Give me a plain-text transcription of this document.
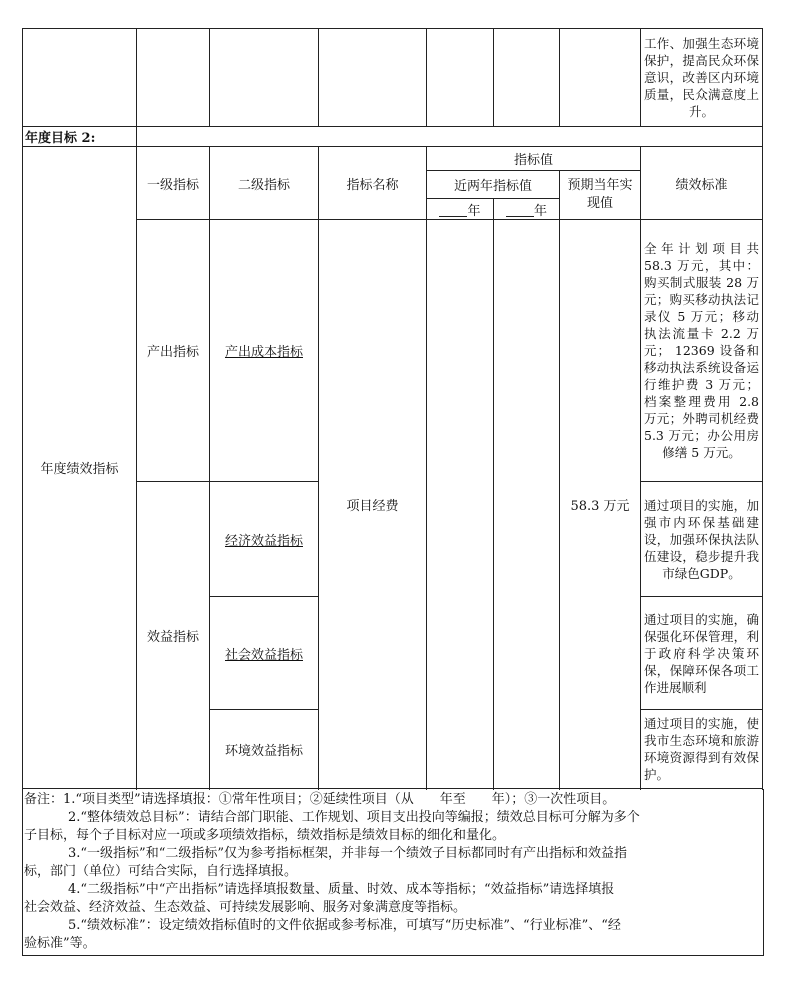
							工作、加强生态环境保护，提高民众环保意识，改善区内环境质量，民众满意度上升。
年度目标 2:							
年度绩效指标	一级指标	二级指标	指标名称	指标值			绩效标准
				近两年指标值		预期当年实现值	
				年	年		
	产出指标	产出成本指标	项目经费			58.3 万元	全年计划项目共58.3 万元，其中：购买制式服装 28 万元；购买移动执法记录仪 5 万元；移动执法流量卡 2.2 万元； 12369 设备和移动执法系统设备运行维护费 3 万元；档案整理费用 2.8 万元；外聘司机经费 5.3 万元；办公用房修缮 5 万元。

	效益指标	经济效益指标					通过项目的实施，加强市内环保基础建设，加强环保执法队伍建设，稳步提升我市绿色GDP。

		社会效益指标					通过项目的实施，确保强化环保管理，利于政府科学决策环保，保障环保各项工作进展顺利

		环境效益指标					通过项目的实施，使我市生态环境和旅游环境资源得到有效保护。

备注：1.“项目类型”请选择填报：①常年性项目；②延续性项目（从　　年至　　年）；③一次性项目。

2.“整体绩效总目标”：请结合部门职能、工作规划、项目支出投向等编报；绩效总目标可分解为多个

子目标，每个子目标对应一项或多项绩效指标，绩效指标是绩效目标的细化和量化。

3.“一级指标”和“二级指标”仅为参考指标框架，并非每一个绩效子目标都同时有产出指标和效益指

标，部门（单位）可结合实际，自行选择填报。

4.“二级指标”中“产出指标”请选择填报数量、质量、时效、成本等指标；“效益指标”请选择填报

社会效益、经济效益、生态效益、可持续发展影响、服务对象满意度等指标。

5.“绩效标准”：设定绩效指标值时的文件依据或参考标准，可填写“历史标准”、“行业标准”、“经

验标准”等。
